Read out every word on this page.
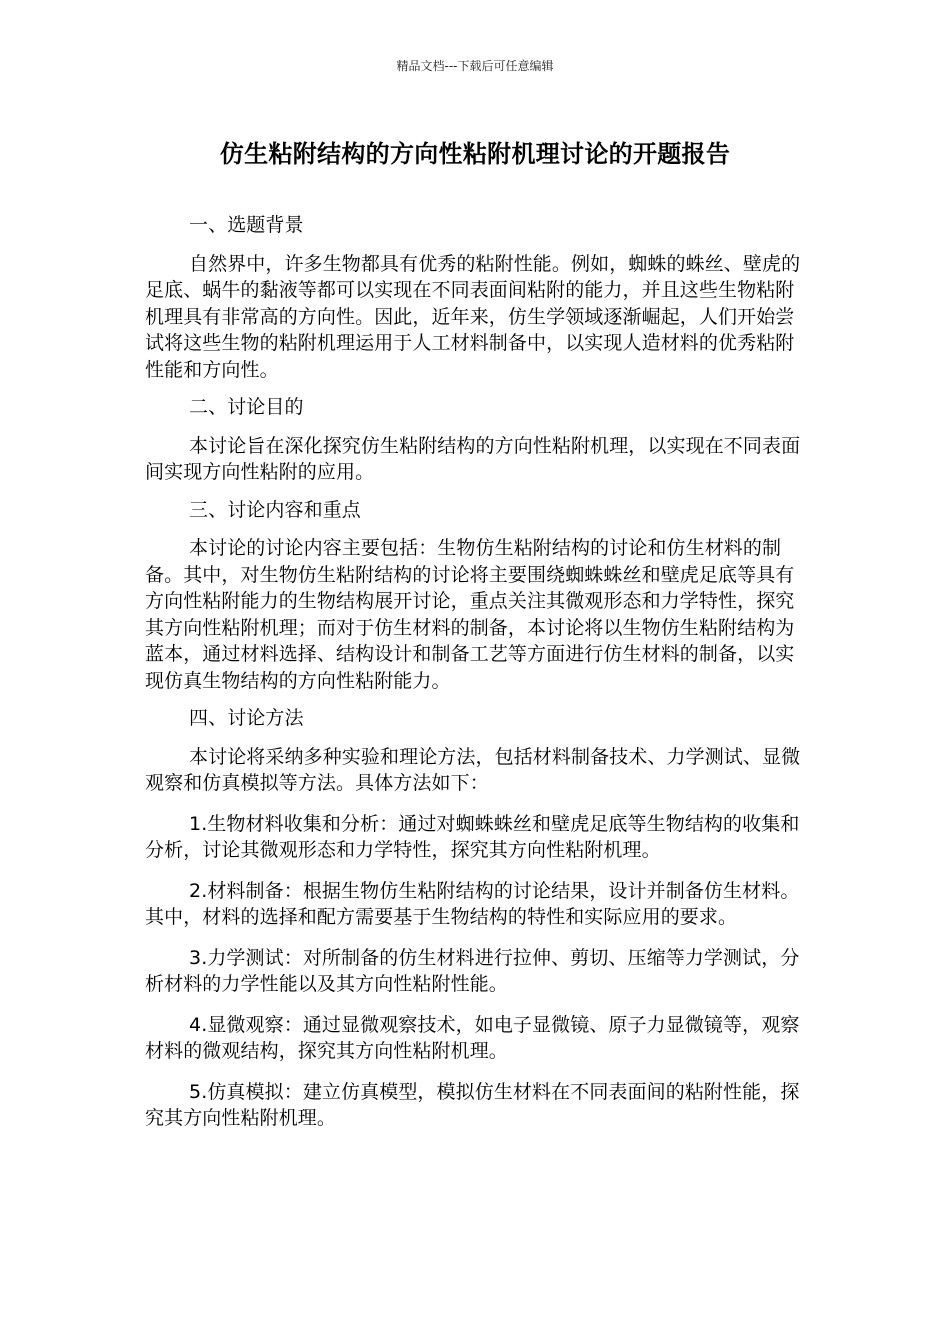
精品文档---下载后可任意编辑
仿生粘附结构的方向性粘附机理讨论的开题报告

一、选题背景

自然界中，许多生物都具有优秀的粘附性能。例如，蜘蛛的蛛丝、壁虎的足底、蜗牛的黏液等都可以实现在不同表面间粘附的能力，并且这些生物粘附机理具有非常高的方向性。因此，近年来，仿生学领域逐渐崛起，人们开始尝试将这些生物的粘附机理运用于人工材料制备中，以实现人造材料的优秀粘附性能和方向性。

二、讨论目的

本讨论旨在深化探究仿生粘附结构的方向性粘附机理，以实现在不同表面间实现方向性粘附的应用。

三、讨论内容和重点

本讨论的讨论内容主要包括：生物仿生粘附结构的讨论和仿生材料的制备。其中，对生物仿生粘附结构的讨论将主要围绕蜘蛛蛛丝和壁虎足底等具有方向性粘附能力的生物结构展开讨论，重点关注其微观形态和力学特性，探究其方向性粘附机理；而对于仿生材料的制备，本讨论将以生物仿生粘附结构为蓝本，通过材料选择、结构设计和制备工艺等方面进行仿生材料的制备，以实现仿真生物结构的方向性粘附能力。

四、讨论方法

本讨论将采纳多种实验和理论方法，包括材料制备技术、力学测试、显微观察和仿真模拟等方法。具体方法如下：

1.生物材料收集和分析：通过对蜘蛛蛛丝和壁虎足底等生物结构的收集和分析，讨论其微观形态和力学特性，探究其方向性粘附机理。

2.材料制备：根据生物仿生粘附结构的讨论结果，设计并制备仿生材料。其中，材料的选择和配方需要基于生物结构的特性和实际应用的要求。

3.力学测试：对所制备的仿生材料进行拉伸、剪切、压缩等力学测试，分析材料的力学性能以及其方向性粘附性能。

4.显微观察：通过显微观察技术，如电子显微镜、原子力显微镜等，观察材料的微观结构，探究其方向性粘附机理。

5.仿真模拟：建立仿真模型，模拟仿生材料在不同表面间的粘附性能，探究其方向性粘附机理。
